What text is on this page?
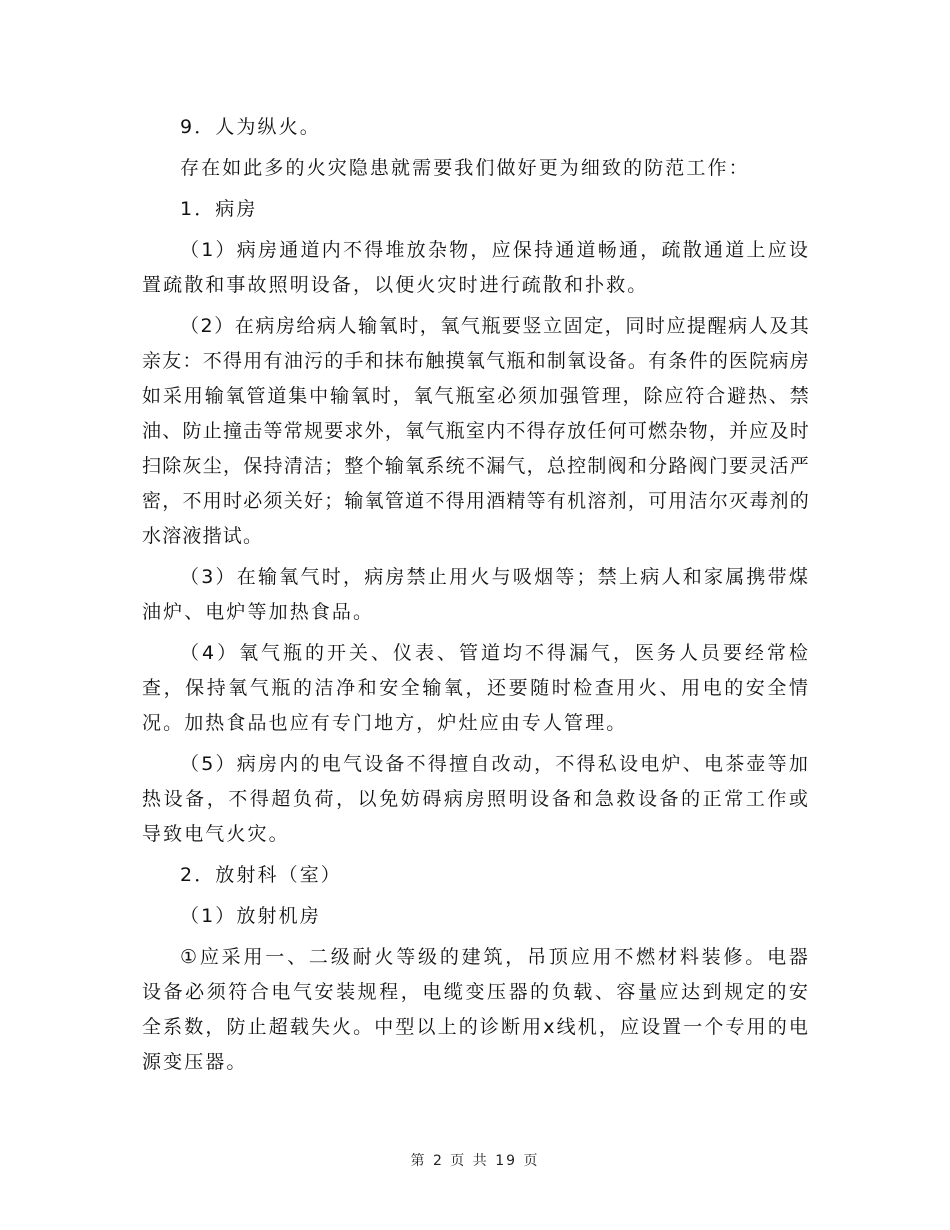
9．人为纵火。

存在如此多的火灾隐患就需要我们做好更为细致的防范工作：

1．病房

（1）病房通道内不得堆放杂物，应保持通道畅通，疏散通道上应设置疏散和事故照明设备，以便火灾时进行疏散和扑救。

（2）在病房给病人输氧时，氧气瓶要竖立固定，同时应提醒病人及其亲友：不得用有油污的手和抹布触摸氧气瓶和制氧设备。有条件的医院病房如采用输氧管道集中输氧时，氧气瓶室必须加强管理，除应符合避热、禁油、防止撞击等常规要求外，氧气瓶室内不得存放任何可燃杂物，并应及时扫除灰尘，保持清洁；整个输氧系统不漏气，总控制阀和分路阀门要灵活严密，不用时必须关好；输氧管道不得用酒精等有机溶剂，可用洁尔灭毒剂的水溶液揩试。

（3）在输氧气时，病房禁止用火与吸烟等；禁上病人和家属携带煤油炉、电炉等加热食品。

（4）氧气瓶的开关、仪表、管道均不得漏气，医务人员要经常检查，保持氧气瓶的洁净和安全输氧，还要随时检查用火、用电的安全情况。加热食品也应有专门地方，炉灶应由专人管理。

（5）病房内的电气设备不得擅自改动，不得私设电炉、电茶壶等加热设备，不得超负荷，以免妨碍病房照明设备和急救设备的正常工作或导致电气火灾。

2．放射科（室）

（1）放射机房

①应采用一、二级耐火等级的建筑，吊顶应用不燃材料装修。电器设备必须符合电气安装规程，电缆变压器的负载、容量应达到规定的安全系数，防止超载失火。中型以上的诊断用x线机，应设置一个专用的电源变压器。

第 2 页 共 19 页
